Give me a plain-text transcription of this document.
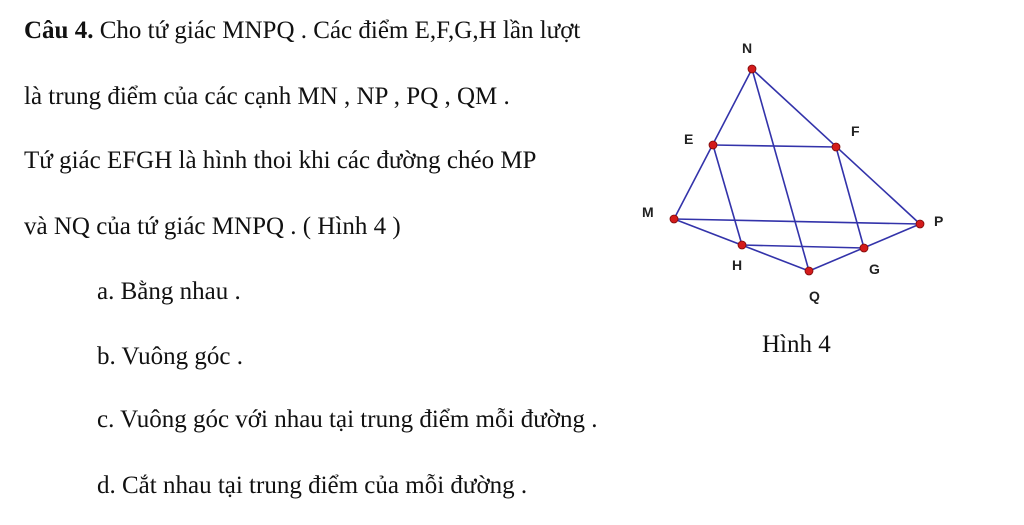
Câu 4. Cho tứ giác MNPQ . Các điểm E,F,G,H lần lượt
là trung điểm của các cạnh MN , NP , PQ , QM .
Tứ giác EFGH là hình thoi khi các đường chéo MP
và NQ của tứ giác MNPQ . ( Hình 4 )
a. Bằng nhau .
b. Vuông góc .
c. Vuông góc với nhau tại trung điểm mỗi đường .
d. Cắt nhau tại trung điểm của mỗi đường .
N
E	F
M
P
H	G
Q
Hình 4
